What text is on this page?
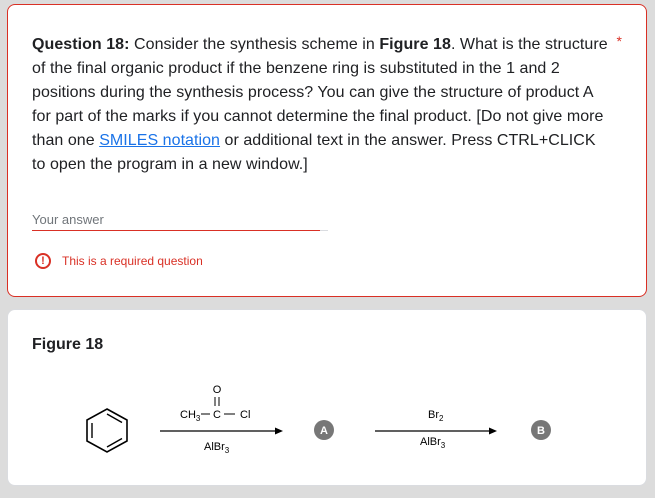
Question 18: Consider the synthesis scheme in Figure 18. What is the structure of the final organic product if the benzene ring is substituted in the 1 and 2 positions during the synthesis process? You can give the structure of product A for part of the marks if you cannot determine the final product. [Do not give more than one SMILES notation or additional text in the answer. Press CTRL+CLICK to open the program in a new window.]
*
Your answer
!	This is a required question
Figure 18
O
$CH_3$ C Cl
AlBr$_3$
A
$Br_2$
AlBr$_3$
B
